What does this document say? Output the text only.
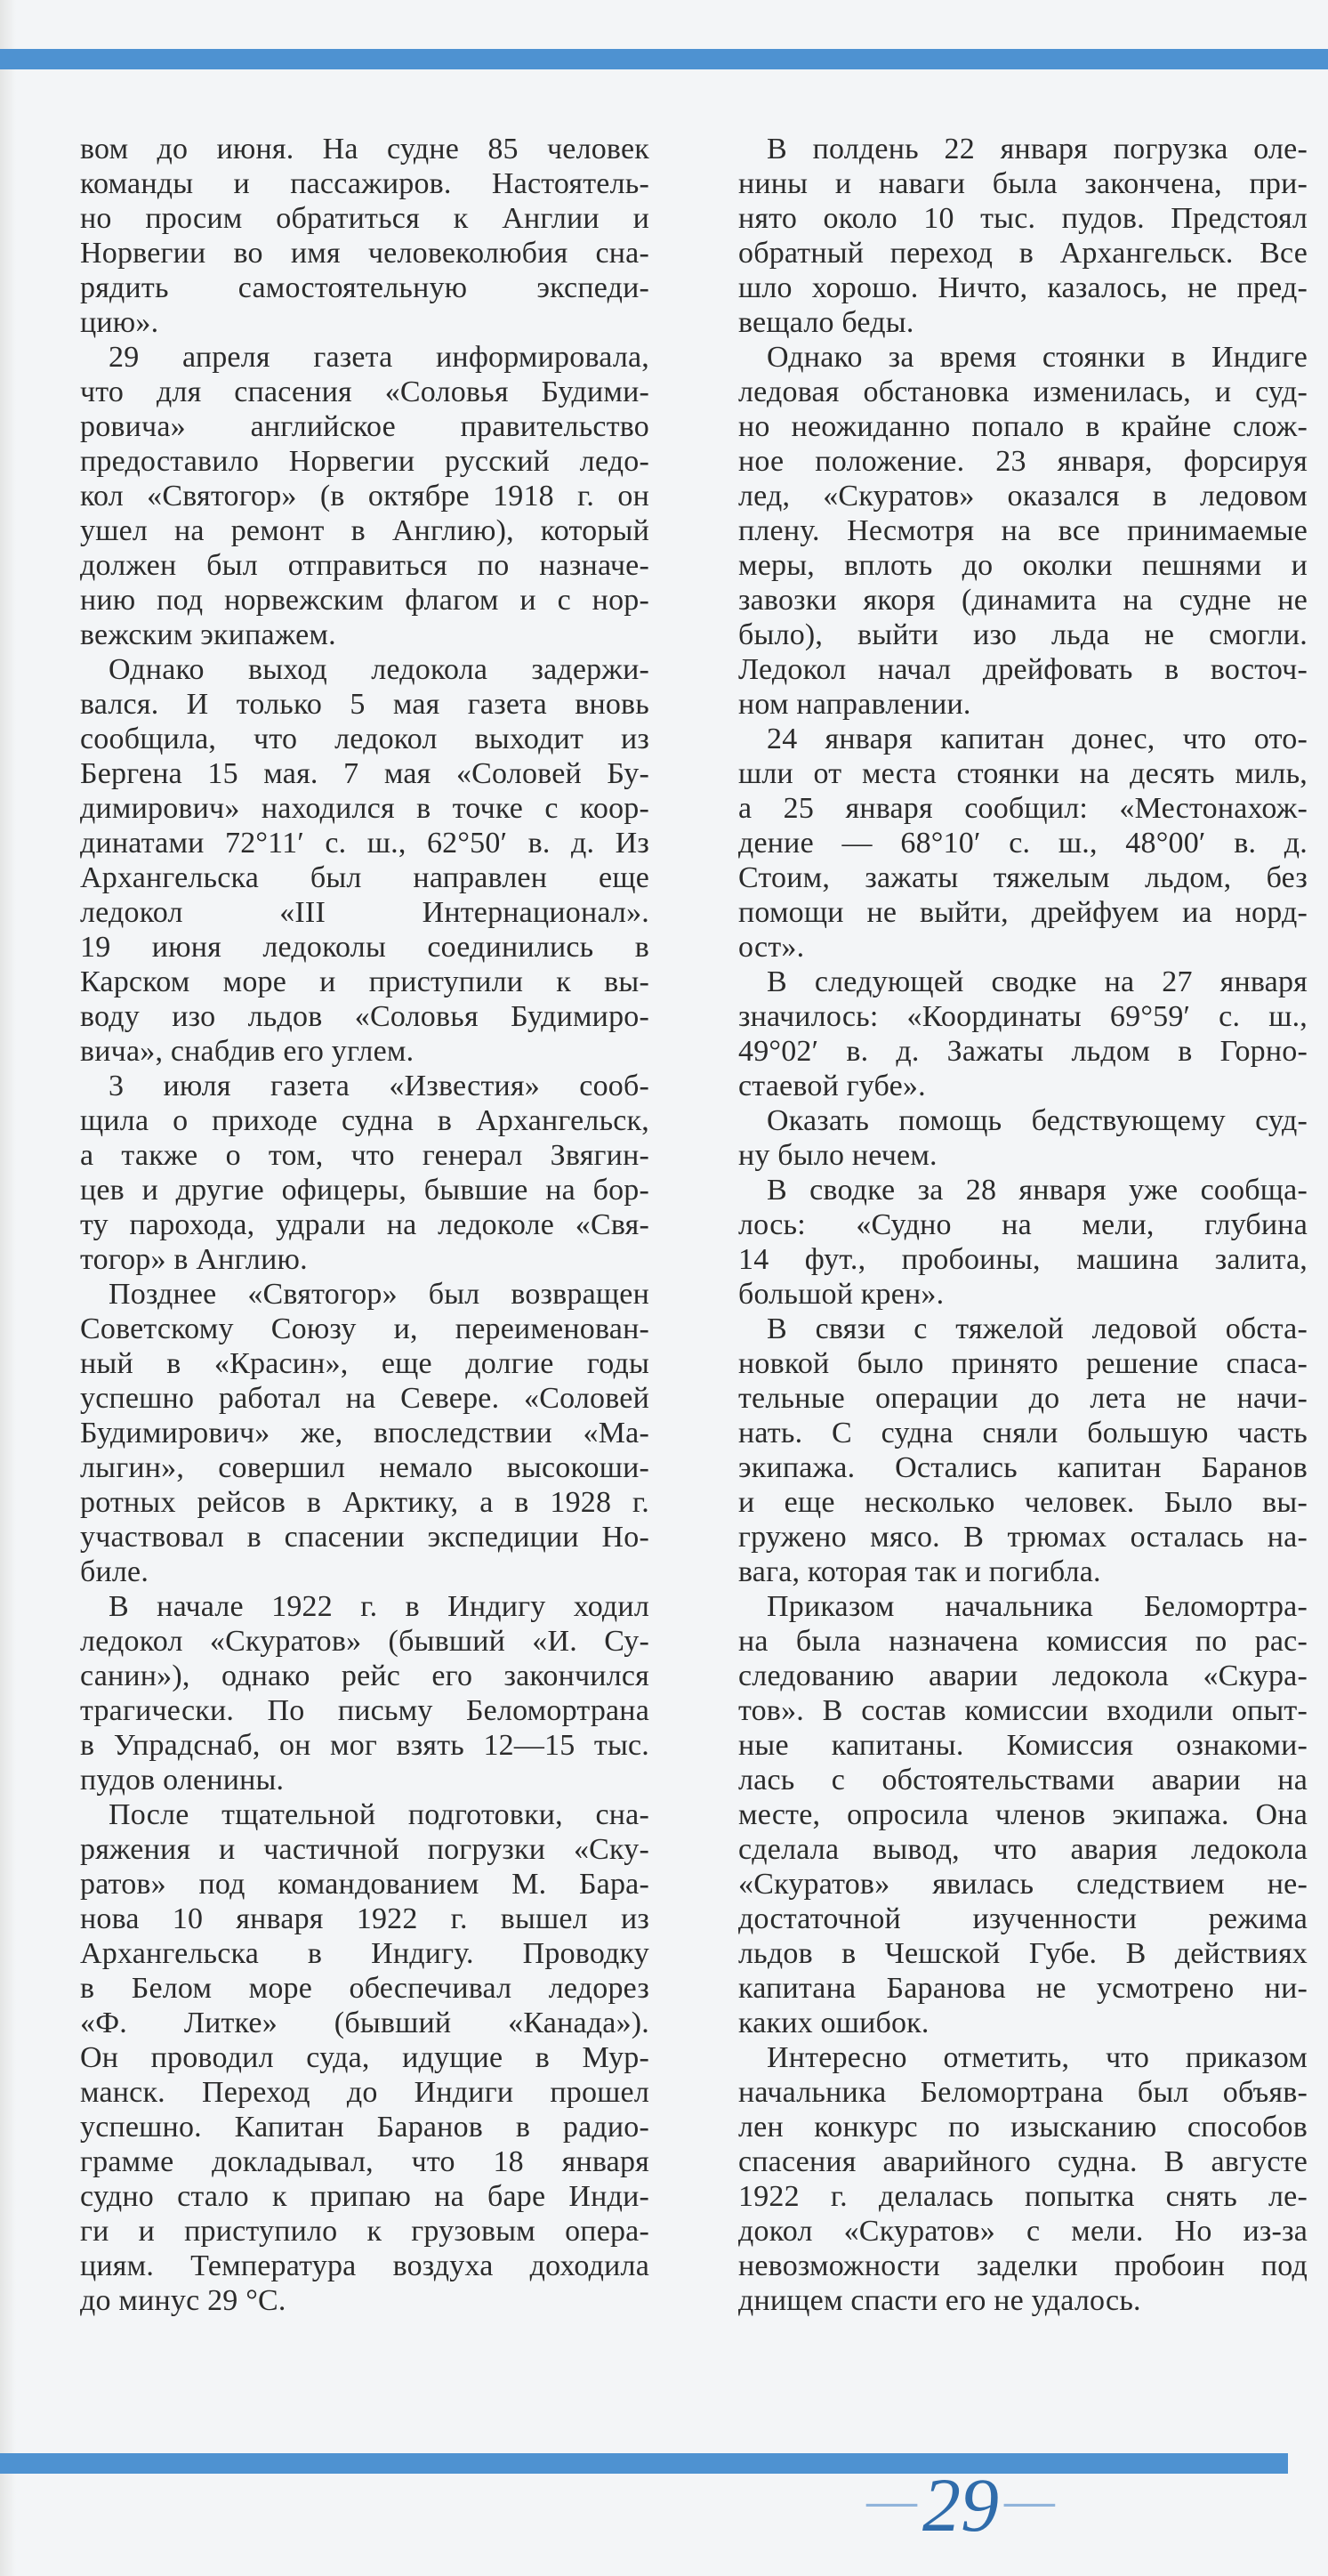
вом до июня. На судне 85 человек
команды и пассажиров. Настоятель-
но просим обратиться к Англии и
Норвегии во имя человеколюбия сна-
рядить самостоятельную экспеди-
цию».
29 апреля газета информировала,
что для спасения «Соловья Будими-
ровича» английское правительство
предоставило Норвегии русский ледо-
кол «Святогор» (в октябре 1918 г. он
ушел на ремонт в Англию), который
должен был отправиться по назначе-
нию под норвежским флагом и с нор-
вежским экипажем.
Однако выход ледокола задержи-
вался. И только 5 мая газета вновь
сообщила, что ледокол выходит из
Бергена 15 мая. 7 мая «Соловей Бу-
димирович» находился в точке с коор-
динатами 72°11′ с. ш., 62°50′ в. д. Из
Архангельска был направлен еще
ледокол «III Интернационал».
19 июня ледоколы соединились в
Карском море и приступили к вы-
воду изо льдов «Соловья Будимиро-
вича», снабдив его углем.
3 июля газета «Известия» сооб-
щила о приходе судна в Архангельск,
а также о том, что генерал Звягин-
цев и другие офицеры, бывшие на бор-
ту парохода, удрали на ледоколе «Свя-
тогор» в Англию.
Позднее «Святогор» был возвращен
Советскому Союзу и, переименован-
ный в «Красин», еще долгие годы
успешно работал на Севере. «Соловей
Будимирович» же, впоследствии «Ма-
лыгин», совершил немало высокоши-
ротных рейсов в Арктику, а в 1928 г.
участвовал в спасении экспедиции Но-
биле.
В начале 1922 г. в Индигу ходил
ледокол «Скуратов» (бывший «И. Су-
санин»), однако рейс его закончился
трагически. По письму Беломортрана
в Упрадснаб, он мог взять 12—15 тыс.
пудов оленины.
После тщательной подготовки, сна-
ряжения и частичной погрузки «Ску-
ратов» под командованием М. Бара-
нова 10 января 1922 г. вышел из
Архангельска в Индигу. Проводку
в Белом море обеспечивал ледорез
«Ф. Литке» (бывший «Канада»).
Он проводил суда, идущие в Мур-
манск. Переход до Индиги прошел
успешно. Капитан Баранов в радио-
грамме докладывал, что 18 января
судно стало к припаю на баре Инди-
ги и приступило к грузовым опера-
циям. Температура воздуха доходила
до минус 29 °С.
В полдень 22 января погрузка оле-
нины и наваги была закончена, при-
нято около 10 тыс. пудов. Предстоял
обратный переход в Архангельск. Все
шло хорошо. Ничто, казалось, не пред-
вещало беды.
Однако за время стоянки в Индиге
ледовая обстановка изменилась, и суд-
но неожиданно попало в крайне слож-
ное положение. 23 января, форсируя
лед, «Скуратов» оказался в ледовом
плену. Несмотря на все принимаемые
меры, вплоть до околки пешнями и
завозки якоря (динамита на судне не
было), выйти изо льда не смогли.
Ледокол начал дрейфовать в восточ-
ном направлении.
24 января капитан донес, что ото-
шли от места стоянки на десять миль,
а 25 января сообщил: «Местонахож-
дение — 68°10′ с. ш., 48°00′ в. д.
Стоим, зажаты тяжелым льдом, без
помощи не выйти, дрейфуем иа норд-
ост».
В следующей сводке на 27 января
значилось: «Координаты 69°59′ с. ш.,
49°02′ в. д. Зажаты льдом в Горно-
стаевой губе».
Оказать помощь бедствующему суд-
ну было нечем.
В сводке за 28 января уже сообща-
лось: «Судно на мели, глубина
14 фут., пробоины, машина залита,
большой крен».
В связи с тяжелой ледовой обста-
новкой было принято решение спаса-
тельные операции до лета не начи-
нать. С судна сняли большую часть
экипажа. Остались капитан Баранов
и еще несколько человек. Было вы-
гружено мясо. В трюмах осталась на-
вага, которая так и погибла.
Приказом начальника Беломортра-
на была назначена комиссия по рас-
следованию аварии ледокола «Скура-
тов». В состав комиссии входили опыт-
ные капитаны. Комиссия ознакоми-
лась с обстоятельствами аварии на
месте, опросила членов экипажа. Она
сделала вывод, что авария ледокола
«Скуратов» явилась следствием не-
достаточной изученности режима
льдов в Чешской Губе. В действиях
капитана Баранова не усмотрено ни-
каких ошибок.
Интересно отметить, что приказом
начальника Беломортрана был объяв-
лен конкурс по изысканию способов
спасения аварийного судна. В августе
1922 г. делалась попытка снять ле-
докол «Скуратов» с мели. Но из-за
невозможности заделки пробоин под
днищем спасти его не удалось.
— 29 —
